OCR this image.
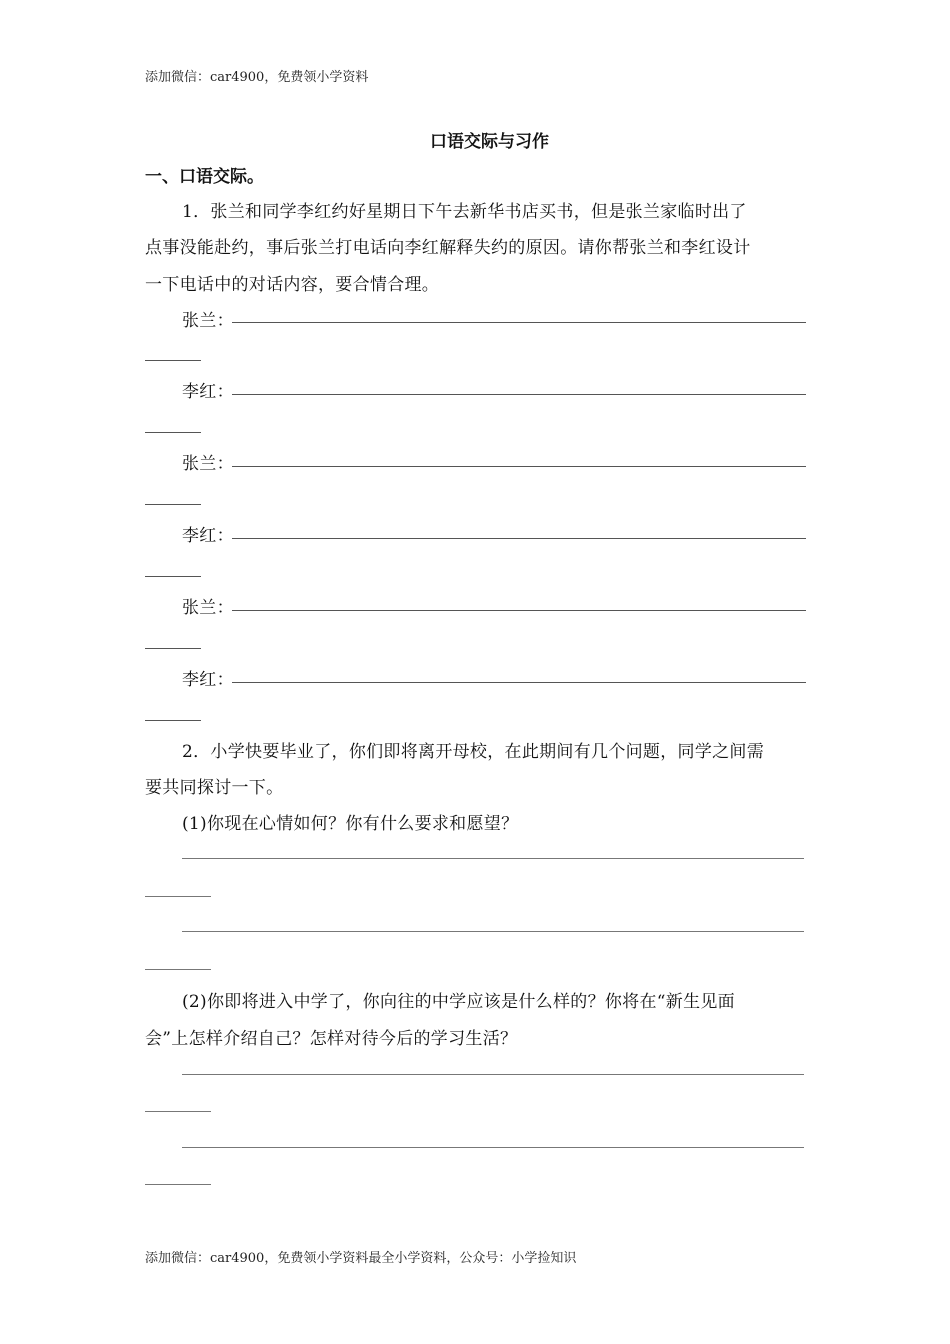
添加微信：car4900，免费领小学资料
口语交际与习作
一、口语交际。
1．张兰和同学李红约好星期日下午去新华书店买书，但是张兰家临时出了
点事没能赴约，事后张兰打电话向李红解释失约的原因。请你帮张兰和李红设计
一下电话中的对话内容，要合情合理。
张兰：
李红：
张兰：
李红：
张兰：
李红：
2．小学快要毕业了，你们即将离开母校，在此期间有几个问题，同学之间需
要共同探讨一下。
(1)你现在心情如何？你有什么要求和愿望？
(2)你即将进入中学了，你向往的中学应该是什么样的？你将在“新生见面
会”上怎样介绍自己？怎样对待今后的学习生活？
添加微信：car4900，免费领小学资料最全小学资料，公众号：小学捡知识
